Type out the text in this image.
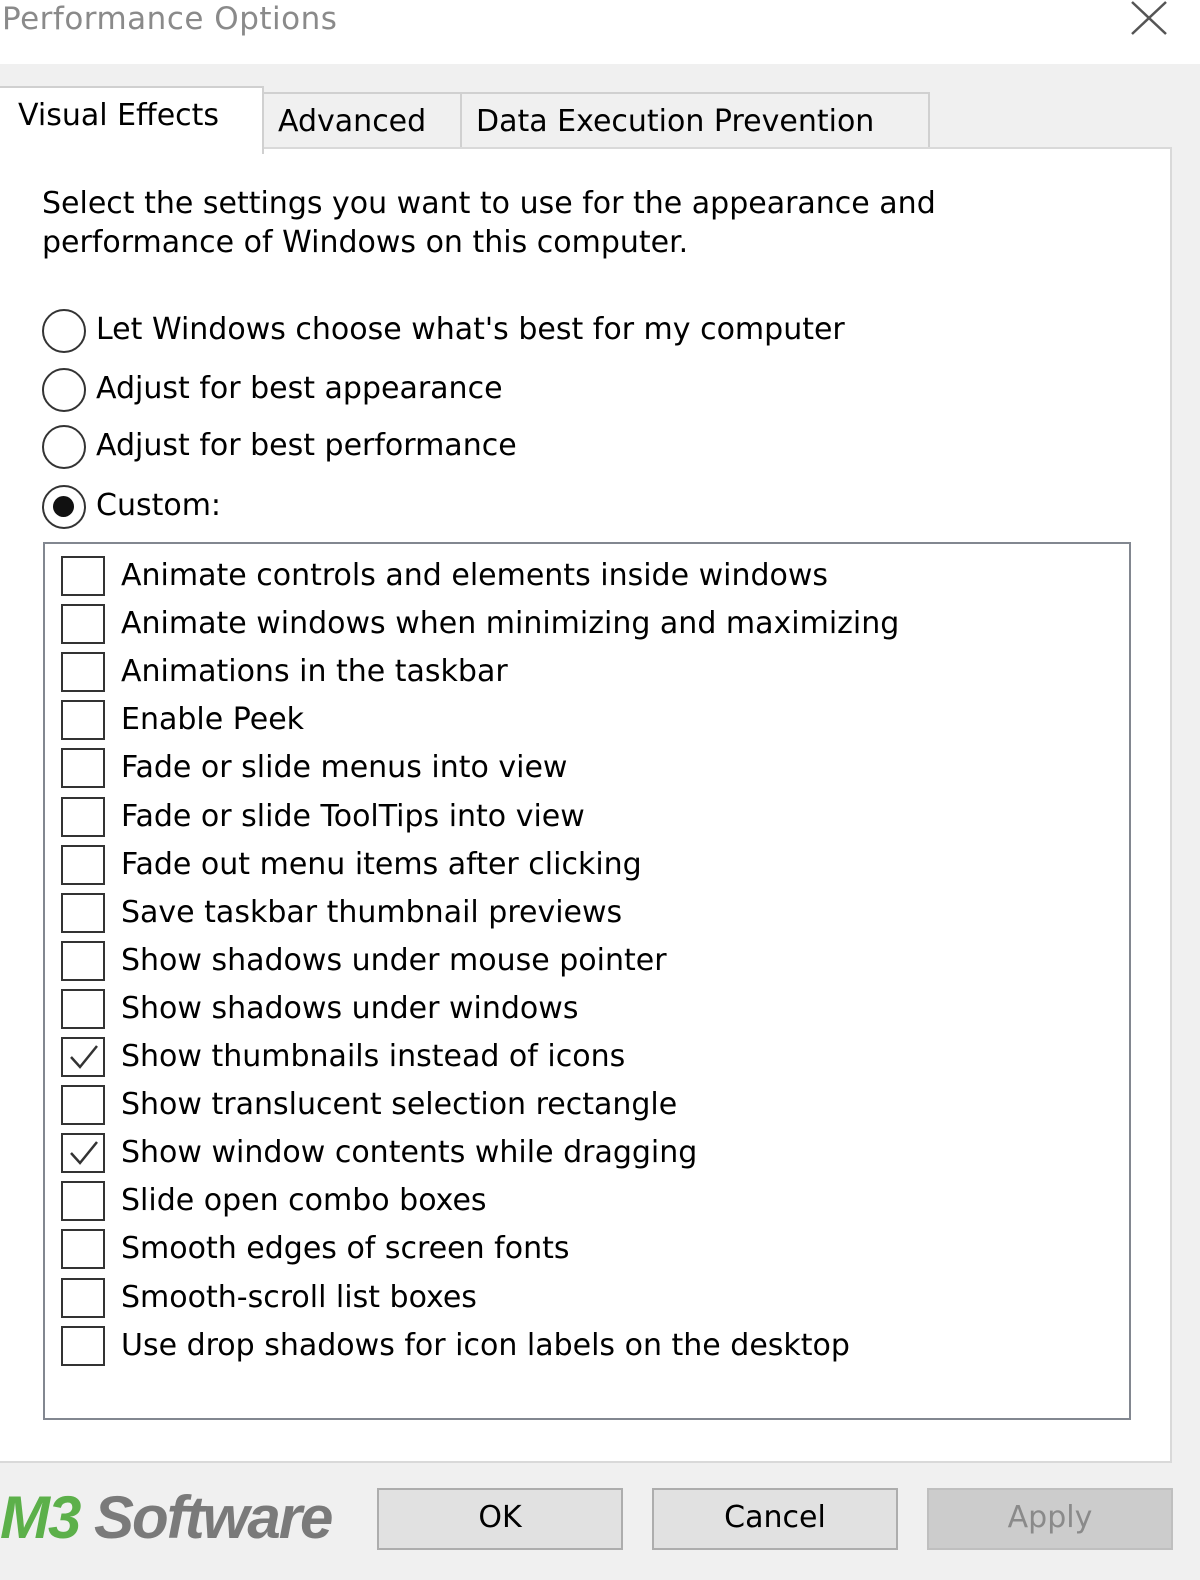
Performance Options
Visual Effects	Advanced	Data Execution Prevention
Select the settings you want to use for the appearance and performance of Windows on this computer.
Let Windows choose what's best for my computer
Adjust for best appearance
Adjust for best performance
Custom:
Animate controls and elements inside windows
Animate windows when minimizing and maximizing
Animations in the taskbar
Enable Peek
Fade or slide menus into view
Fade or slide ToolTips into view
Fade out menu items after clicking
Save taskbar thumbnail previews
Show shadows under mouse pointer
Show shadows under windows
Show thumbnails instead of icons
Show translucent selection rectangle
Show window contents while dragging
Slide open combo boxes
Smooth edges of screen fonts
Smooth-scroll list boxes
Use drop shadows for icon labels on the desktop
M3 Software	OK	Cancel	Apply
